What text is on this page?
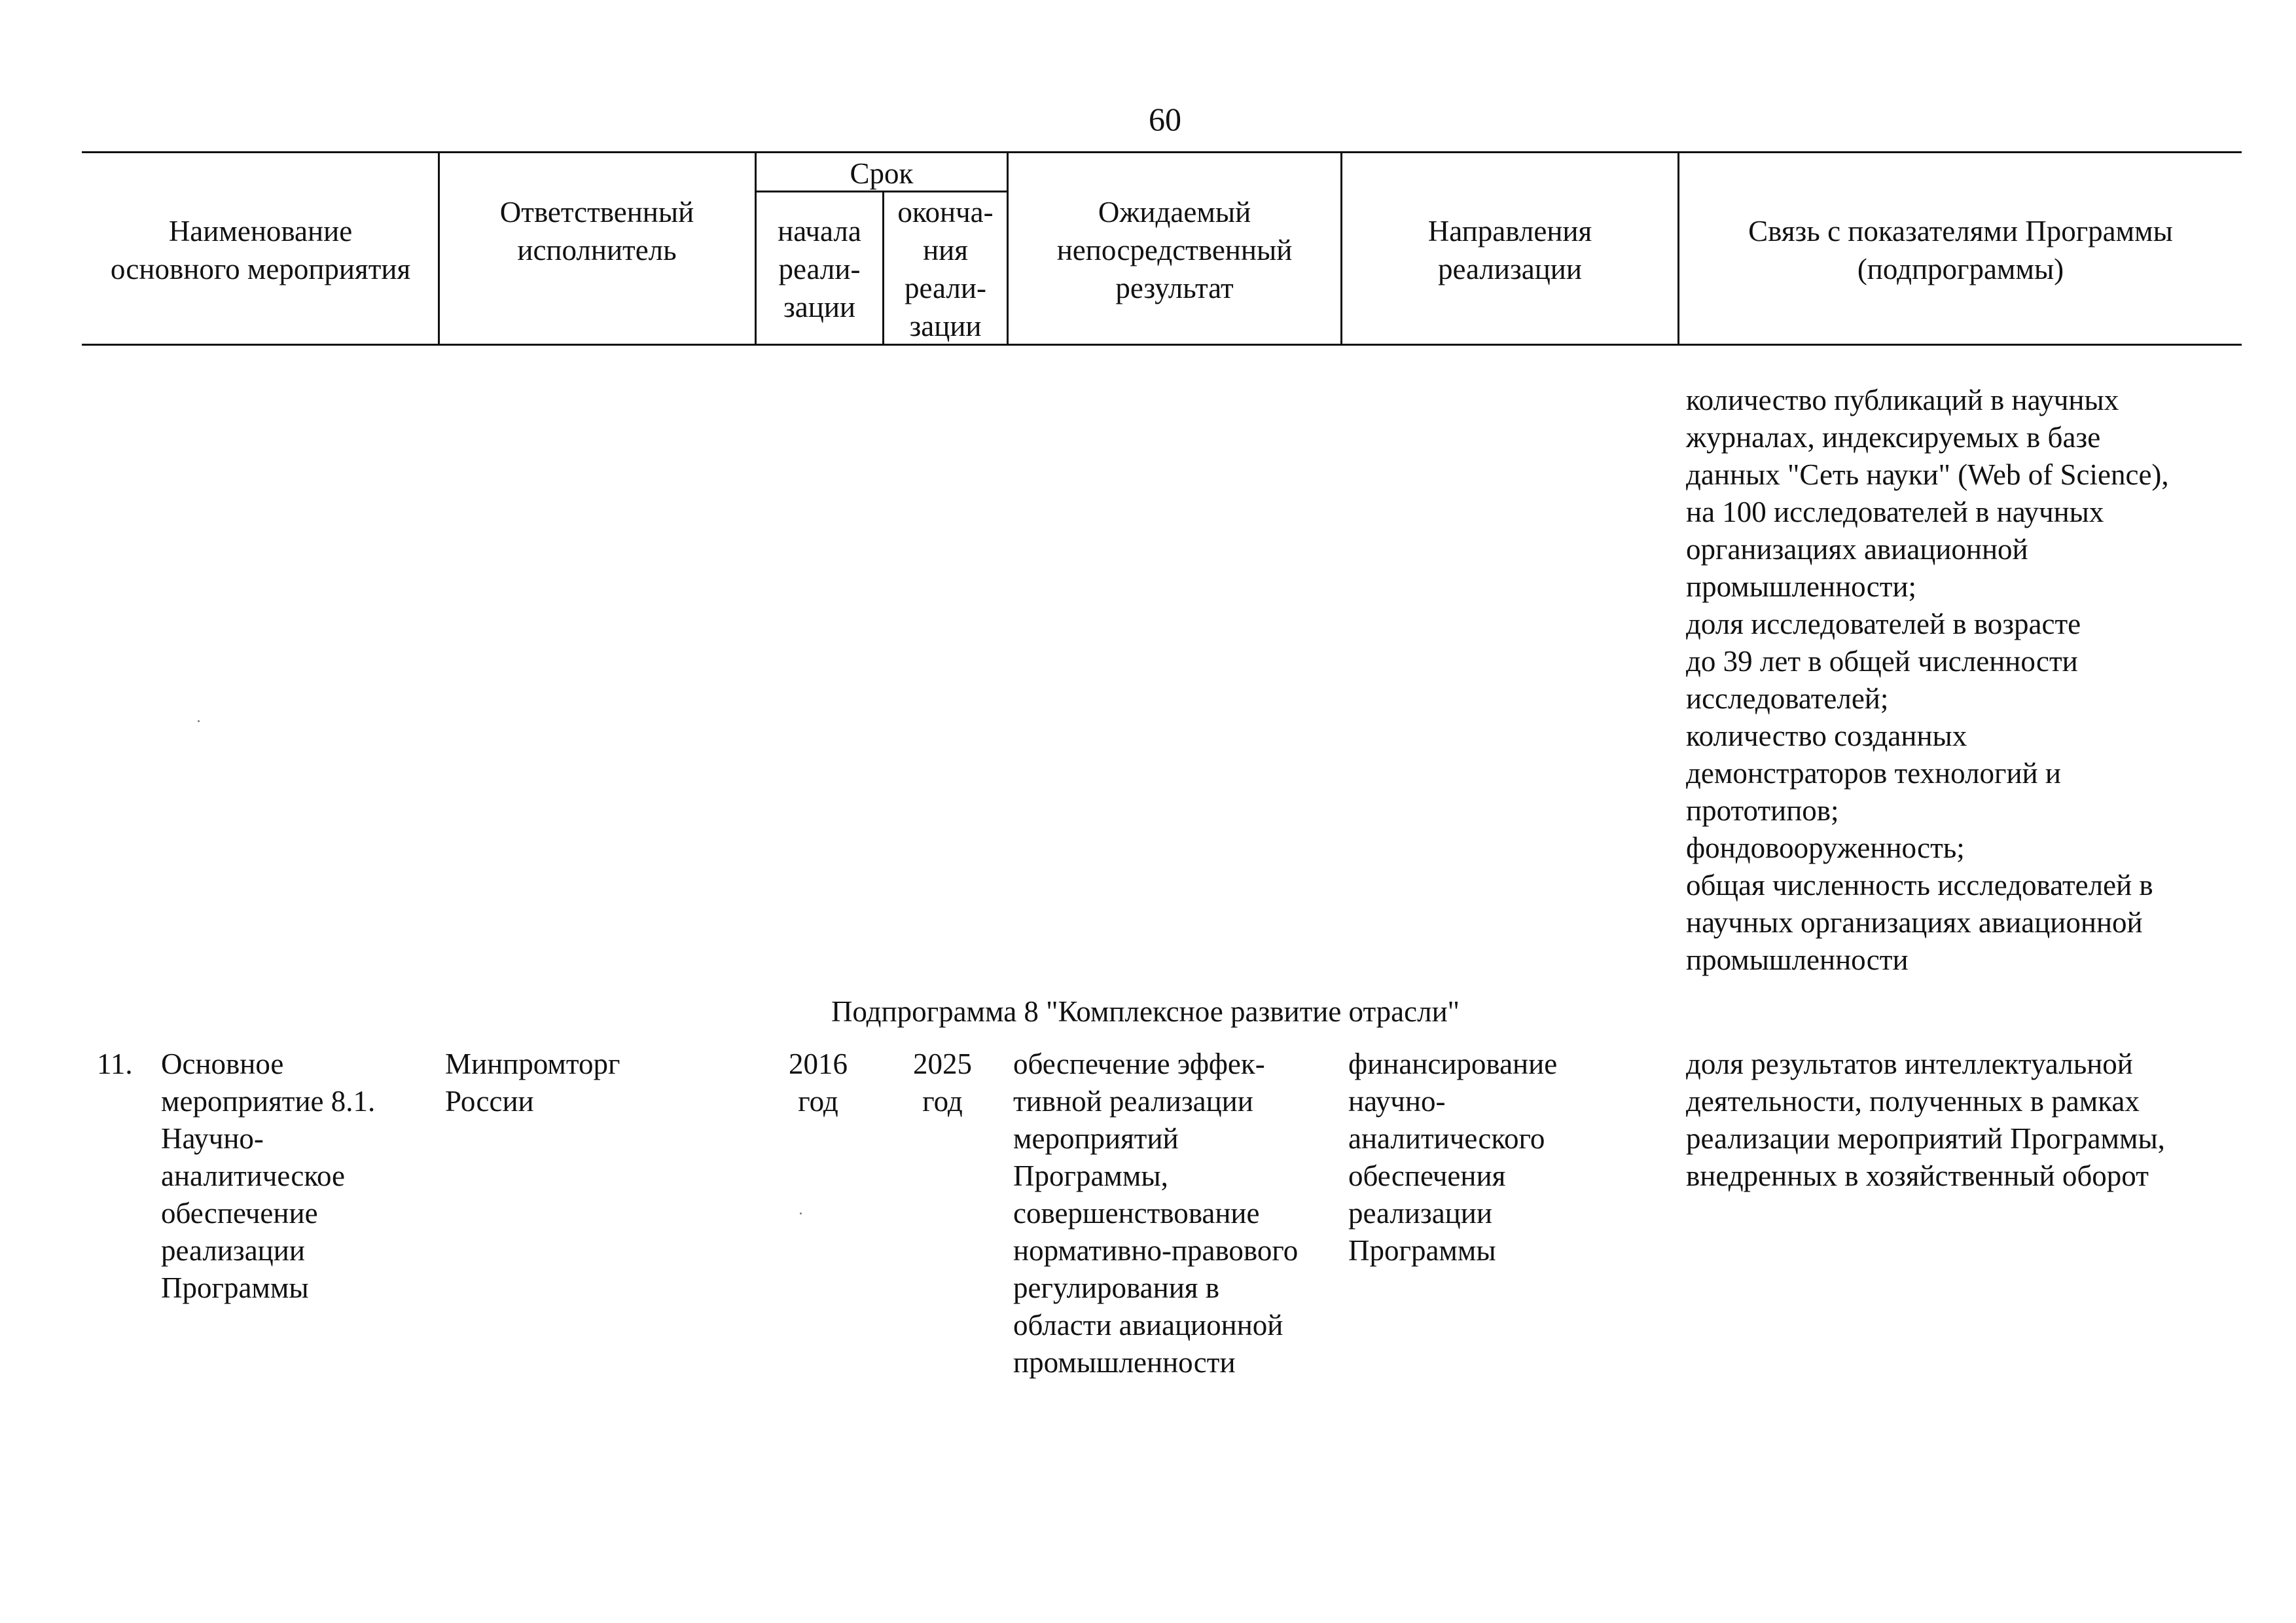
60
Наименование
основного мероприятия
Ответственный
исполнитель
Срок
начала
реали-
зации
оконча-
ния
реали-
зации
Ожидаемый
непосредственный
результат
Направления
реализации
Связь с показателями Программы
(подпрограммы)
количество публикаций в научных
журналах, индексируемых в базе
данных "Сеть науки" (Web of Science),
на 100 исследователей в научных
организациях авиационной
промышленности;
доля исследователей в возрасте
до 39 лет в общей численности
исследователей;
количество созданных
демонстраторов технологий и
прототипов;
фондовооруженность;
общая численность исследователей в
научных организациях авиационной
промышленности
Подпрограмма 8 "Комплексное развитие отрасли"
11. Основное
мероприятие 8.1.
Научно-
аналитическое
обеспечение
реализации
Программы
Минпромторг
России
2016
год
2025
год
обеспечение эффек-
тивной реализации
мероприятий
Программы,
совершенствование
нормативно-правового
регулирования в
области авиационной
промышленности
финансирование
научно-
аналитического
обеспечения
реализации
Программы
доля результатов интеллектуальной
деятельности, полученных в рамках
реализации мероприятий Программы,
внедренных в хозяйственный оборот
